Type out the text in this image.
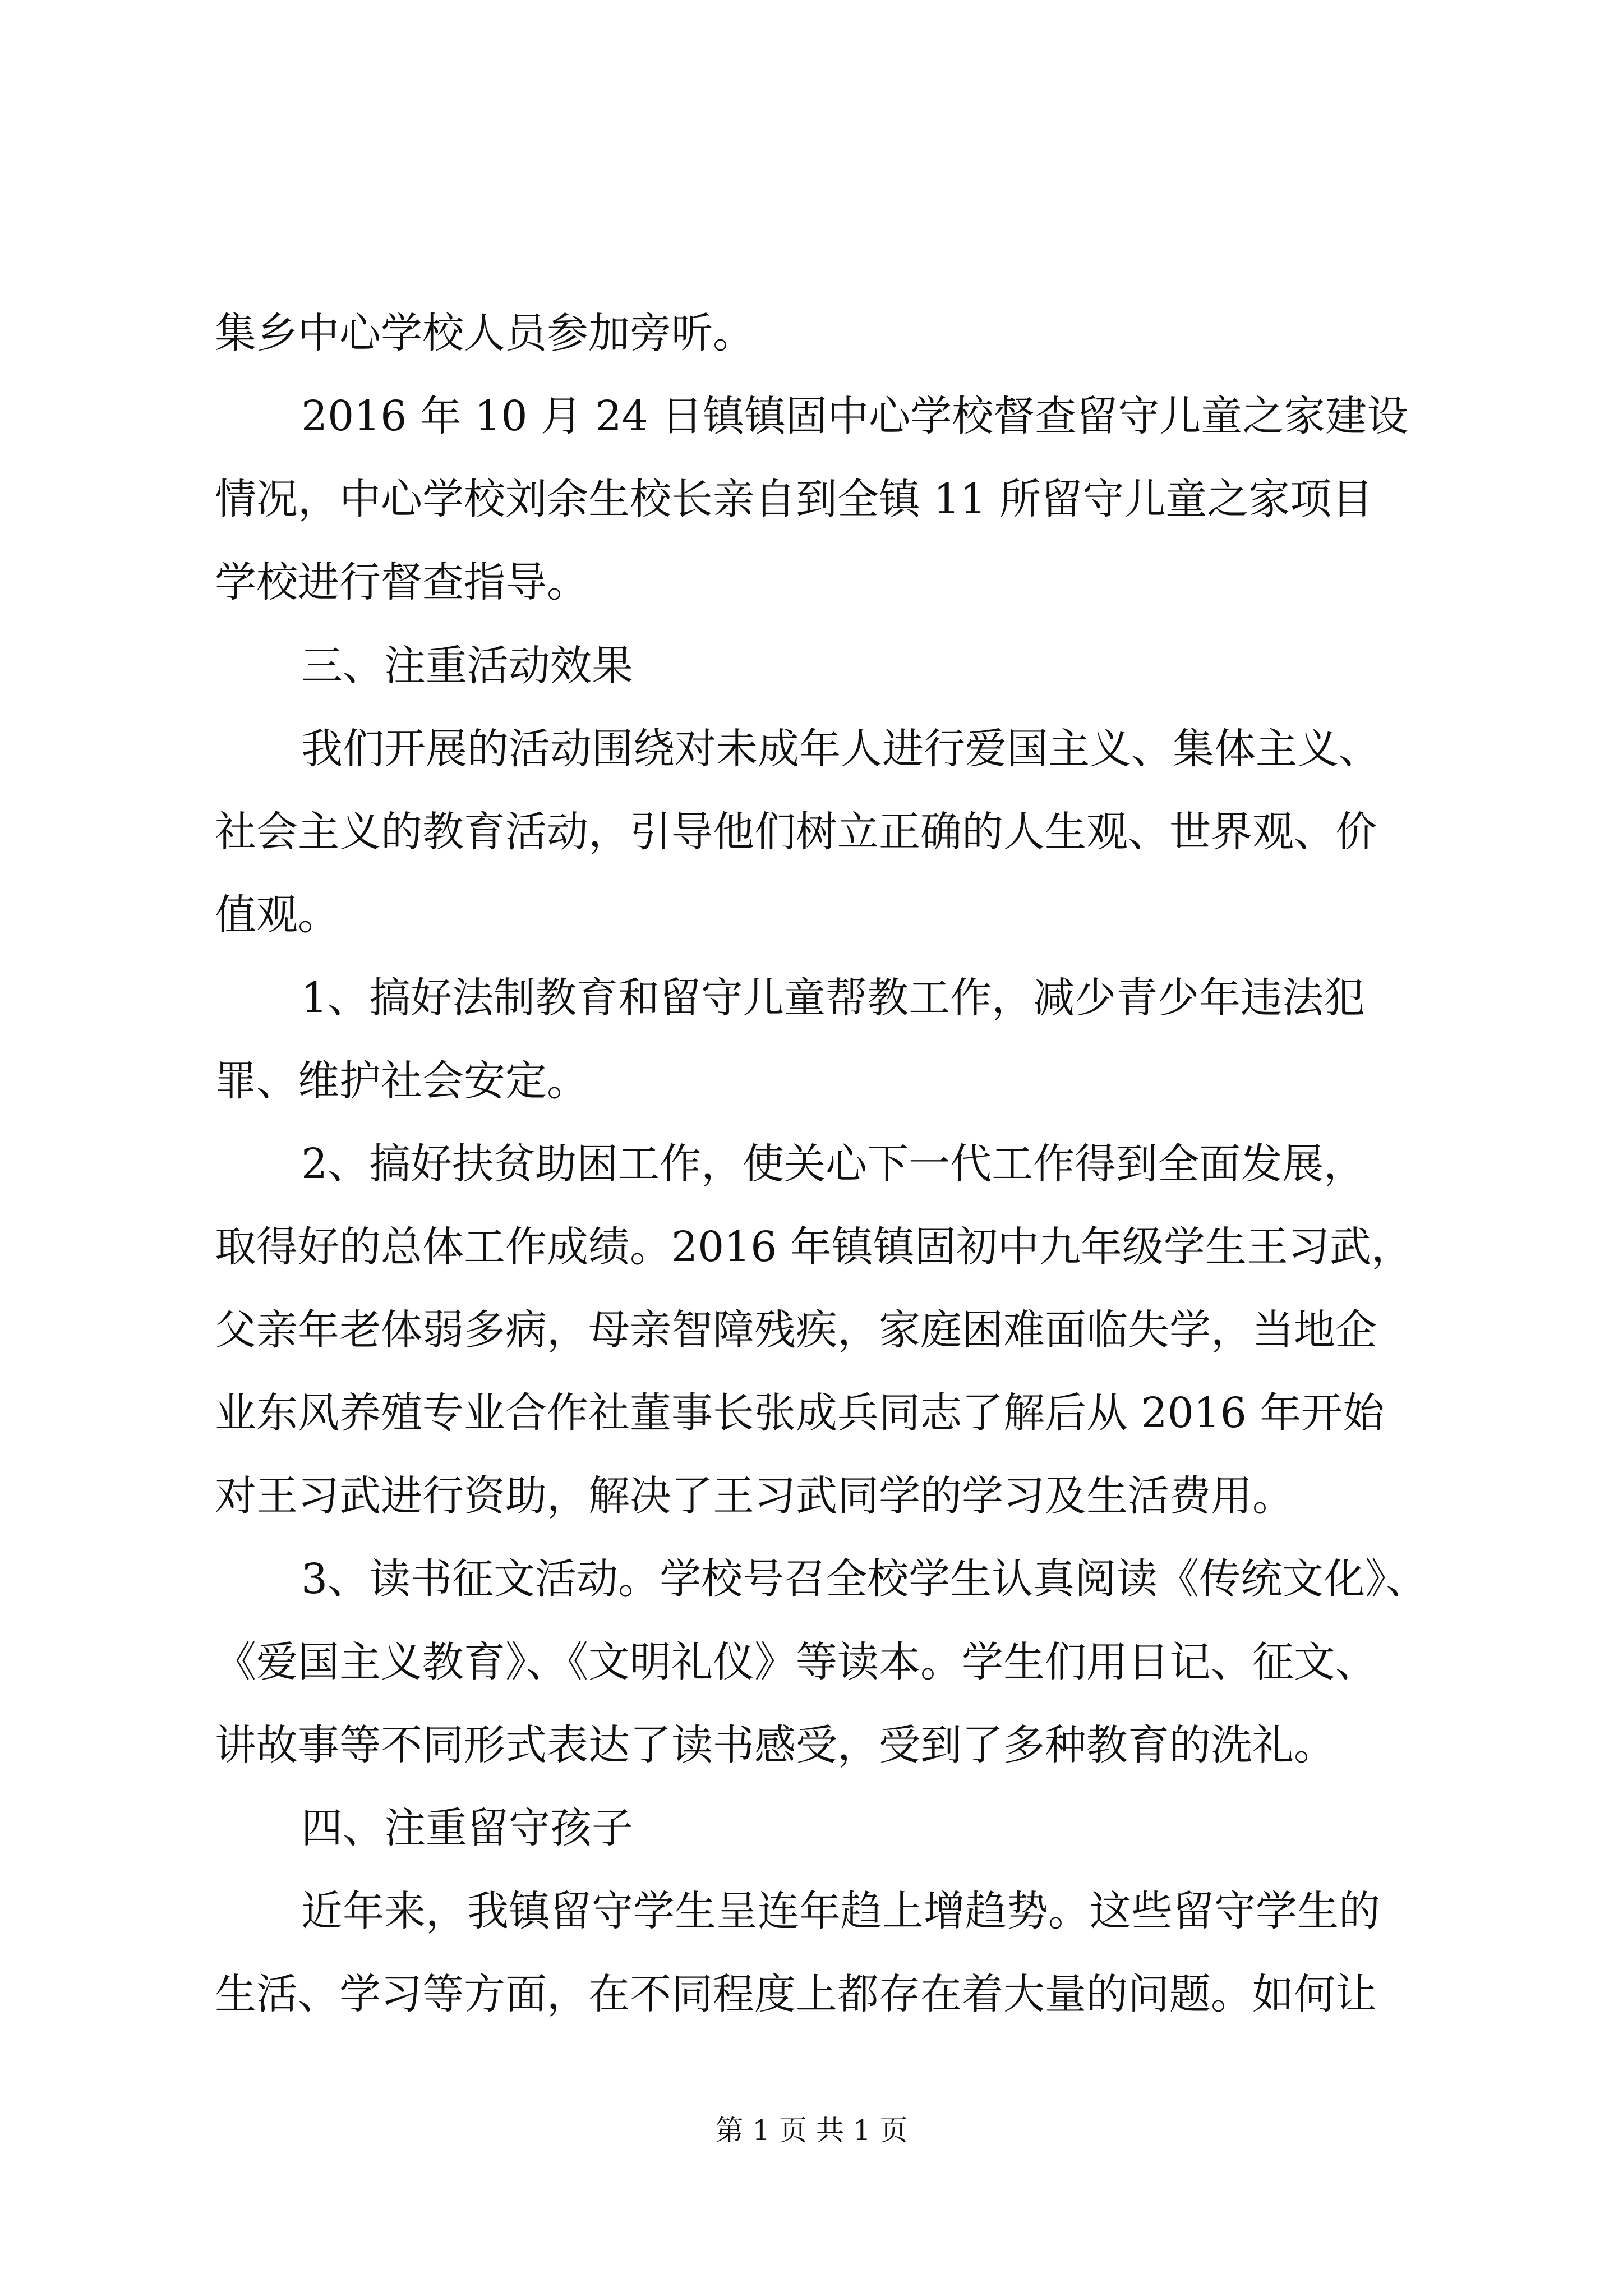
集乡中心学校人员参加旁听。
2016 年 10 月 24 日镇镇固中心学校督查留守儿童之家建设
情况，中心学校刘余生校长亲自到全镇 11 所留守儿童之家项目
学校进行督查指导。
三、注重活动效果
我们开展的活动围绕对未成年人进行爱国主义、集体主义、
社会主义的教育活动，引导他们树立正确的人生观、世界观、价
值观。
1、搞好法制教育和留守儿童帮教工作，减少青少年违法犯
罪、维护社会安定。
2、搞好扶贫助困工作，使关心下一代工作得到全面发展，
取得好的总体工作成绩。2016 年镇镇固初中九年级学生王习武，
父亲年老体弱多病，母亲智障残疾，家庭困难面临失学，当地企
业东风养殖专业合作社董事长张成兵同志了解后从 2016 年开始
对王习武进行资助，解决了王习武同学的学习及生活费用。
3、读书征文活动。学校号召全校学生认真阅读《传统文化》、
《爱国主义教育》、《文明礼仪》等读本。学生们用日记、征文、
讲故事等不同形式表达了读书感受，受到了多种教育的洗礼。
四、注重留守孩子
近年来，我镇留守学生呈连年趋上增趋势。这些留守学生的
生活、学习等方面，在不同程度上都存在着大量的问题。如何让
第 1 页 共 1 页
